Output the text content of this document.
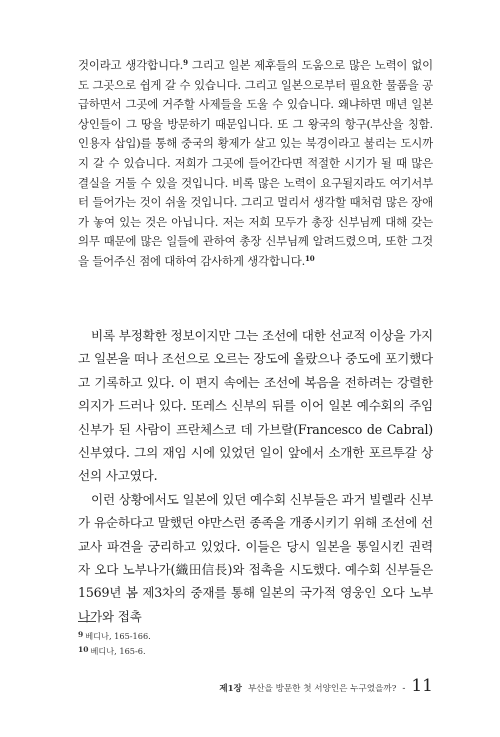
것이라고 생각합니다.$^9$ 그리고 일본 제후들의 도움으로 많은 노력이 없이도 그곳으로 쉽게 갈 수 있습니다. 그리고 일본으로부터 필요한 물품을 공급하면서 그곳에 거주할 사제들을 도울 수 있습니다. 왜냐하면 매년 일본 상인들이 그 땅을 방문하기 때문입니다. 또 그 왕국의 항구(부산을 칭함. 인용자 삽입)를 통해 중국의 황제가 살고 있는 북경이라고 불리는 도시까지 갈 수 있습니다. 저희가 그곳에 들어간다면 적절한 시기가 될 때 많은 결실을 거둘 수 있을 것입니다. 비록 많은 노력이 요구될지라도 여기서부터 들어가는 것이 쉬울 것입니다. 그리고 멀리서 생각할 때처럼 많은 장애가 놓여 있는 것은 아닙니다. 저는 저희 모두가 총장 신부님께 대해 갖는 의무 때문에 많은 일들에 관하여 총장 신부님께 알려드렸으며, 또한 그것을 들어주신 점에 대하여 감사하게 생각합니다.$^{10}$

비록 부정확한 정보이지만 그는 조선에 대한 선교적 이상을 가지고 일본을 떠나 조선으로 오르는 장도에 올랐으나 중도에 포기했다고 기록하고 있다. 이 편지 속에는 조선에 복음을 전하려는 강렬한 의지가 드러나 있다. 또레스 신부의 뒤를 이어 일본 예수회의 주임신부가 된 사람이 프란체스코 데 가브랄(Francesco de Cabral) 신부였다. 그의 재임 시에 있었던 일이 앞에서 소개한 포르투갈 상선의 사고였다.

이런 상황에서도 일본에 있던 예수회 신부들은 과거 빌렐라 신부가 유순하다고 말했던 야만스런 종족을 개종시키기 위해 조선에 선교사 파견을 궁리하고 있었다. 이들은 당시 일본을 통일시킨 권력자 오다 노부나가(織田信長)와 접촉을 시도했다. 예수회 신부들은 1569년 봄 제3차의 중재를 통해 일본의 국가적 영웅인 오다 노부나가와 접촉

9 베디나, 165-166.

10 베디나, 165-6.

제1장 부산을 방문한 첫 서양인은 누구였을까? - 11
